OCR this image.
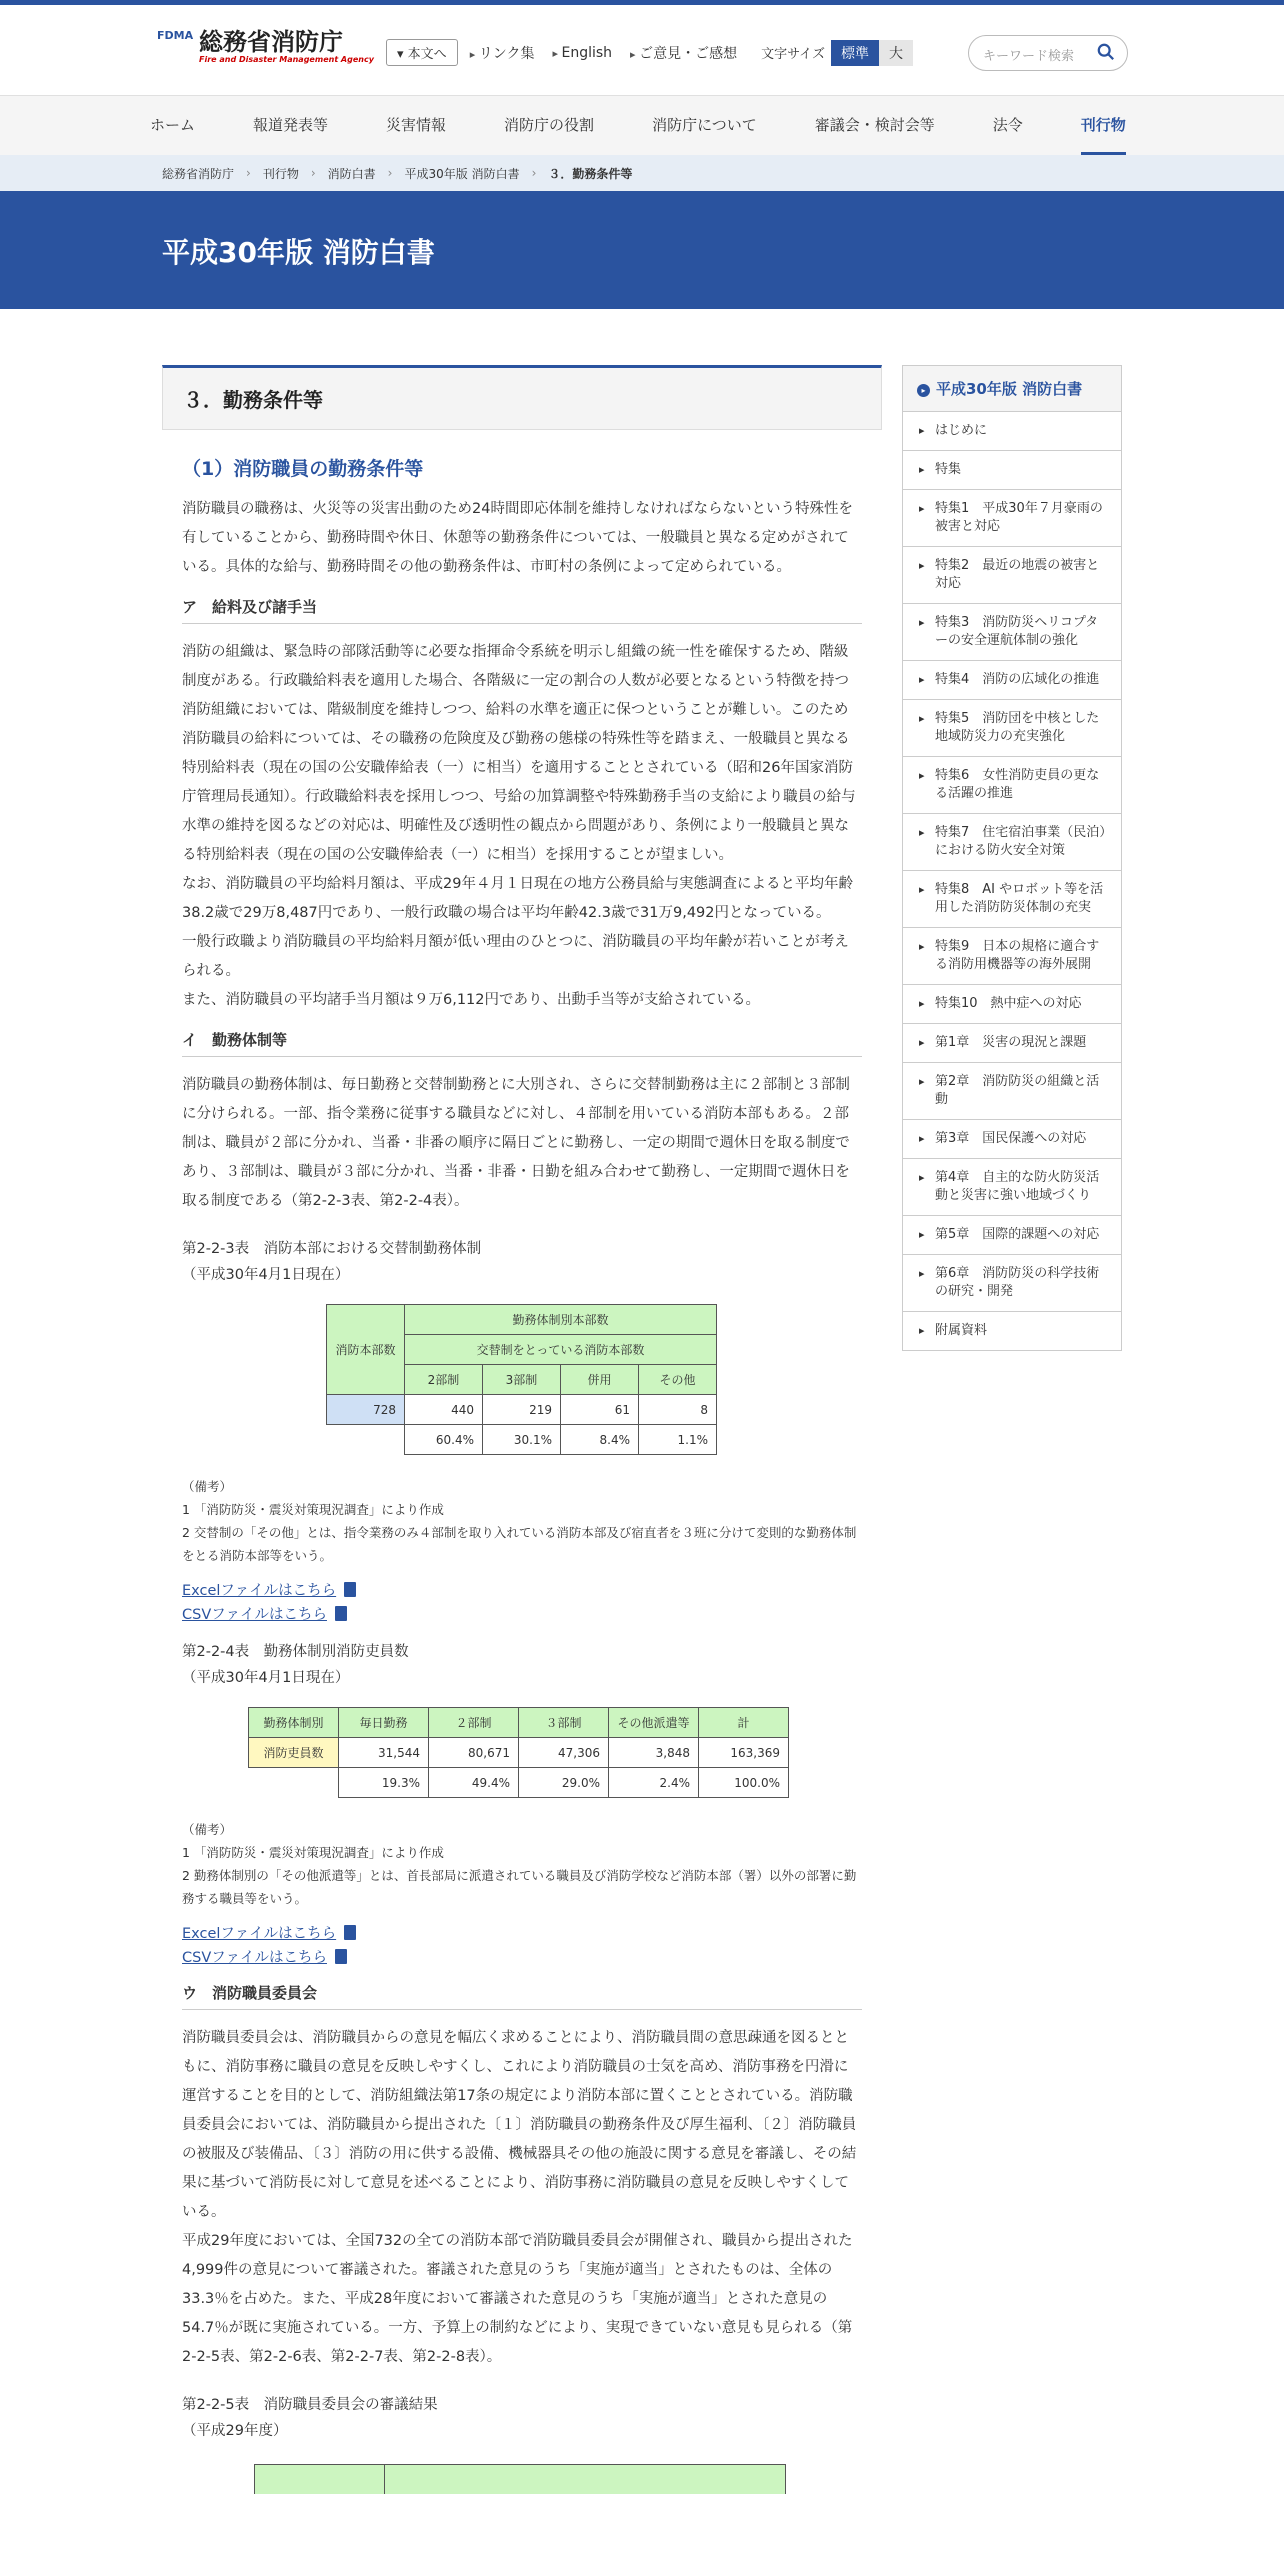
FDMA 総務省消防庁
Fire and Disaster Management Agency	▾ 本文へ	▸ リンク集	▸ English	▸ ご意見・ご感想 文字サイズ	標準	大	キーワード検索
ホーム	報道発表等	災害情報	消防庁の役割	消防庁について	審議会・検討会等	法令	刊行物
総務省消防庁 › 刊行物 › 消防白書 › 平成30年版 消防白書 › ３．勤務条件等
平成30年版 消防白書
３．勤務条件等
（1）消防職員の勤務条件等

消防職員の職務は、火災等の災害出動のため24時間即応体制を維持しなければならないという特殊性を有していることから、勤務時間や休日、休憩等の勤務条件については、一般職員と異なる定めがされている。具体的な給与、勤務時間その他の勤務条件は、市町村の条例によって定められている。

ア　給料及び諸手当

消防の組織は、緊急時の部隊活動等に必要な指揮命令系統を明示し組織の統一性を確保するため、階級制度がある。行政職給料表を適用した場合、各階級に一定の割合の人数が必要となるという特徴を持つ消防組織においては、階級制度を維持しつつ、給料の水準を適正に保つということが難しい。このため消防職員の給料については、その職務の危険度及び勤務の態様の特殊性等を踏まえ、一般職員と異なる特別給料表（現在の国の公安職俸給表（一）に相当）を適用することとされている（昭和26年国家消防庁管理局長通知）。行政職給料表を採用しつつ、号給の加算調整や特殊勤務手当の支給により職員の給与水準の維持を図るなどの対応は、明確性及び透明性の観点から問題があり、条例により一般職員と異なる特別給料表（現在の国の公安職俸給表（一）に相当）を採用することが望ましい。

なお、消防職員の平均給料月額は、平成29年４月１日現在の地方公務員給与実態調査によると平均年齢38.2歳で29万8,487円であり、一般行政職の場合は平均年齢42.3歳で31万9,492円となっている。

一般行政職より消防職員の平均給料月額が低い理由のひとつに、消防職員の平均年齢が若いことが考えられる。

また、消防職員の平均諸手当月額は９万6,112円であり、出動手当等が支給されている。

イ　勤務体制等

消防職員の勤務体制は、毎日勤務と交替制勤務とに大別され、さらに交替制勤務は主に２部制と３部制に分けられる。一部、指令業務に従事する職員などに対し、４部制を用いている消防本部もある。２部制は、職員が２部に分かれ、当番・非番の順序に隔日ごとに勤務し、一定の期間で週休日を取る制度であり、３部制は、職員が３部に分かれ、当番・非番・日勤を組み合わせて勤務し、一定期間で週休日を取る制度である（第2-2-3表、第2-2-4表）。

第2-2-3表　消防本部における交替制勤務体制
（平成30年4月1日現在）
消防本部数	勤務体制別本部数			
	交替制をとっている消防本部数			
	2部制	3部制	併用	その他
728	440	219	61	8
	60.4%	30.1%	8.4%	1.1%
（備考）
1 「消防防災・震災対策現況調査」により作成
2 交替制の「その他」とは、指令業務のみ４部制を取り入れている消防本部及び宿直者を３班に分けて変則的な勤務体制をとる消防本部等をいう。
Excelファイルはこちら
CSVファイルはこちら
第2-2-4表　勤務体制別消防吏員数
（平成30年4月1日現在）
勤務体制別	毎日勤務	２部制	３部制	その他派遣等	計
消防吏員数	31,544	80,671	47,306	3,848	163,369
	19.3%	49.4%	29.0%	2.4%	100.0%
（備考）
1 「消防防災・震災対策現況調査」により作成
2 勤務体制別の「その他派遣等」とは、首長部局に派遣されている職員及び消防学校など消防本部（署）以外の部署に勤務する職員等をいう。
Excelファイルはこちら
CSVファイルはこちら
ウ　消防職員委員会

消防職員委員会は、消防職員からの意見を幅広く求めることにより、消防職員間の意思疎通を図るとともに、消防事務に職員の意見を反映しやすくし、これにより消防職員の士気を高め、消防事務を円滑に運営することを目的として、消防組織法第17条の規定により消防本部に置くこととされている。消防職員委員会においては、消防職員から提出された〔１〕消防職員の勤務条件及び厚生福利、〔２〕消防職員の被服及び装備品、〔３〕消防の用に供する設備、機械器具その他の施設に関する意見を審議し、その結果に基づいて消防長に対して意見を述べることにより、消防事務に消防職員の意見を反映しやすくしている。

平成29年度においては、全国732の全ての消防本部で消防職員委員会が開催され、職員から提出された4,999件の意見について審議された。審議された意見のうち「実施が適当」とされたものは、全体の33.3％を占めた。また、平成28年度において審議された意見のうち「実施が適当」とされた意見の54.7％が既に実施されている。一方、予算上の制約などにより、実現できていない意見も見られる（第2-2-5表、第2-2-6表、第2-2-7表、第2-2-8表）。

第2-2-5表　消防職員委員会の審議結果
（平成29年度）
▸ 平成30年版 消防白書
▸ はじめに
▸ 特集
▸ 特集1　平成30年７月豪雨の被害と対応
▸ 特集2　最近の地震の被害と対応
▸ 特集3　消防防災ヘリコプターの安全運航体制の強化
▸ 特集4　消防の広域化の推進
▸ 特集5　消防団を中核とした地域防災力の充実強化
▸ 特集6　女性消防吏員の更なる活躍の推進
▸ 特集7　住宅宿泊事業（民泊）における防火安全対策
▸ 特集8　AI やロボット等を活用した消防防災体制の充実
▸ 特集9　日本の規格に適合する消防用機器等の海外展開
▸ 特集10　熱中症への対応
▸ 第1章　災害の現況と課題
▸ 第2章　消防防災の組織と活動
▸ 第3章　国民保護への対応
▸ 第4章　自主的な防火防災活動と災害に強い地域づくり
▸ 第5章　国際的課題への対応
▸ 第6章　消防防災の科学技術の研究・開発
▸ 附属資料
